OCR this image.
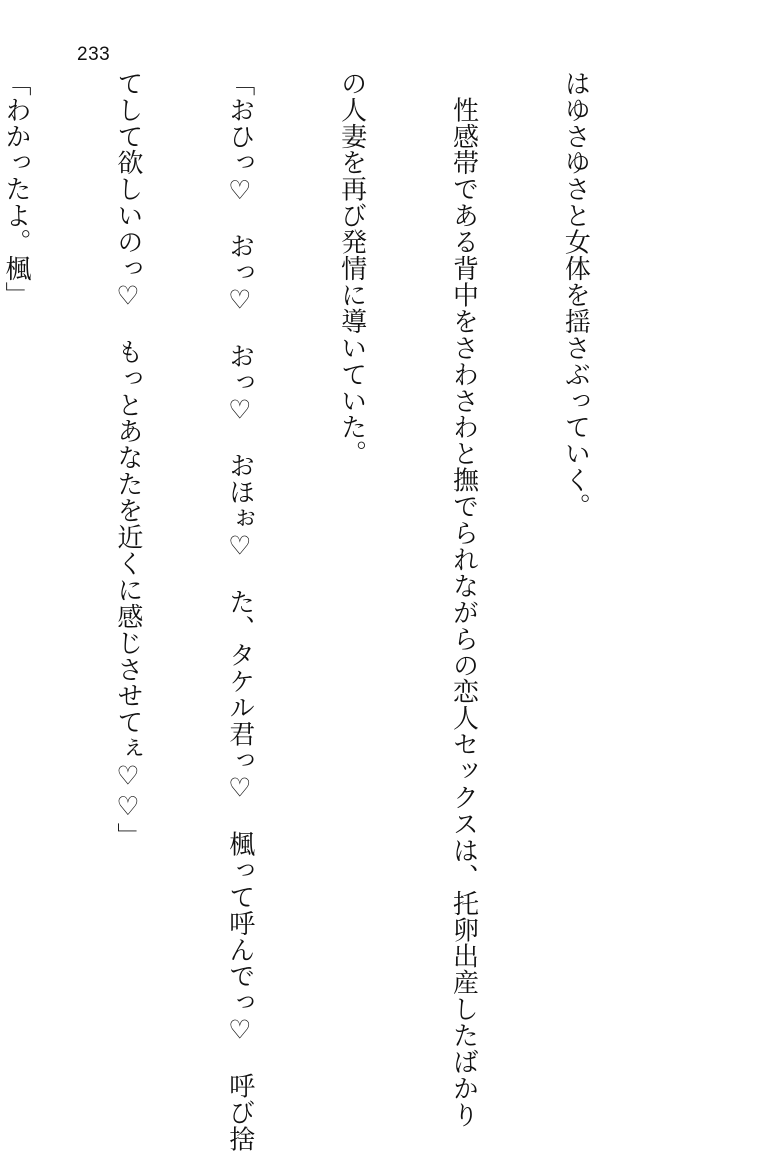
233

はゆさゆさと女体を揺さぶっていく。

　性感帯である背中をさわさわと撫でられながらの恋人セックスは、托卵出産したばかり

の人妻を再び発情に導いていた。

「おひっ♡　おっ♡　おっ♡　おほぉ♡　た、タケル君っ♡　楓って呼んでっ♡　呼び捨

てして欲しいのっ♡　もっとあなたを近くに感じさせてぇ♡♡」

「わかったよ。楓」
